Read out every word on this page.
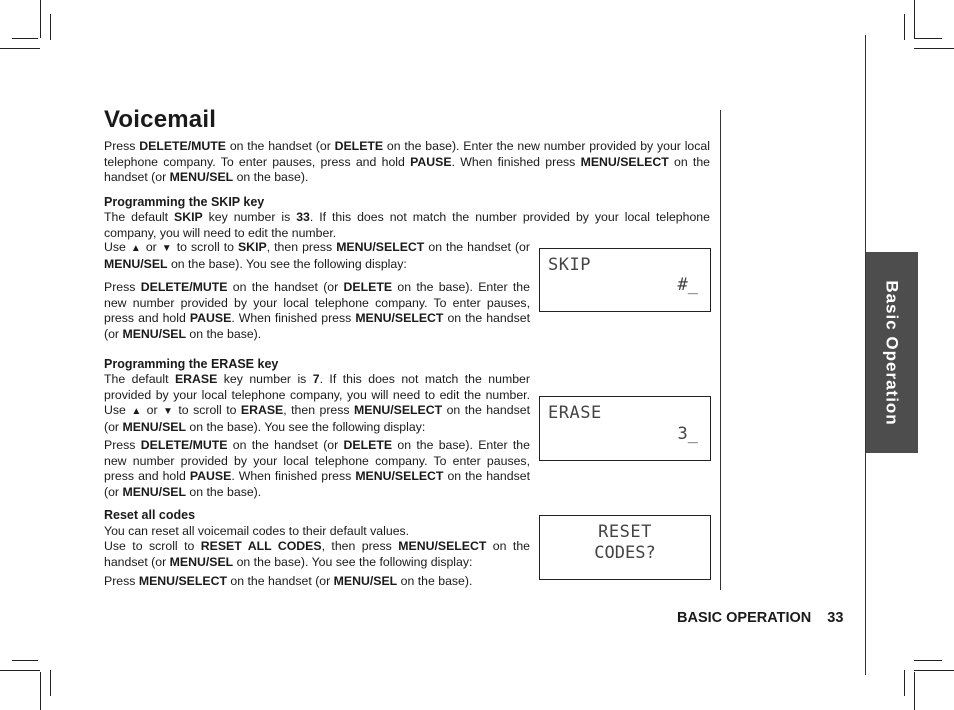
Basic Operation
Voicemail

Press DELETE/MUTE on the handset (or DELETE on the base). Enter the new number provided by your local telephone company. To enter pauses, press and hold PAUSE. When finished press MENU/SELECT on the handset (or MENU/SEL on the base).

Programming the SKIP key

The default SKIP key number is 33. If this does not match the number provided by your local telephone company, you will need to edit the number.

Use ▲ or ▼ to scroll to SKIP, then press MENU/SELECT on the handset (or MENU/SEL on the base). You see the following display:

Press DELETE/MUTE on the handset (or DELETE on the base). Enter the new number provided by your local telephone company. To enter pauses, press and hold PAUSE. When finished press MENU/SELECT on the handset (or MENU/SEL on the base).

SKIP
#_
Programming the ERASE key

The default ERASE key number is 7. If this does not match the number provided by your local telephone company, you will need to edit the number. Use ▲ or ▼ to scroll to ERASE, then press MENU/SELECT on the handset (or MENU/SEL on the base). You see the following display:

Press DELETE/MUTE on the handset (or DELETE on the base). Enter the new number provided by your local telephone company. To enter pauses, press and hold PAUSE. When finished press MENU/SELECT on the handset (or MENU/SEL on the base).

ERASE
3_
Reset all codes

You can reset all voicemail codes to their default values.

Use to scroll to RESET ALL CODES, then press MENU/SELECT on the handset (or MENU/SEL on the base). You see the following display:

Press MENU/SELECT on the handset (or MENU/SEL on the base).

RESET
CODES?
BASIC OPERATION 33
